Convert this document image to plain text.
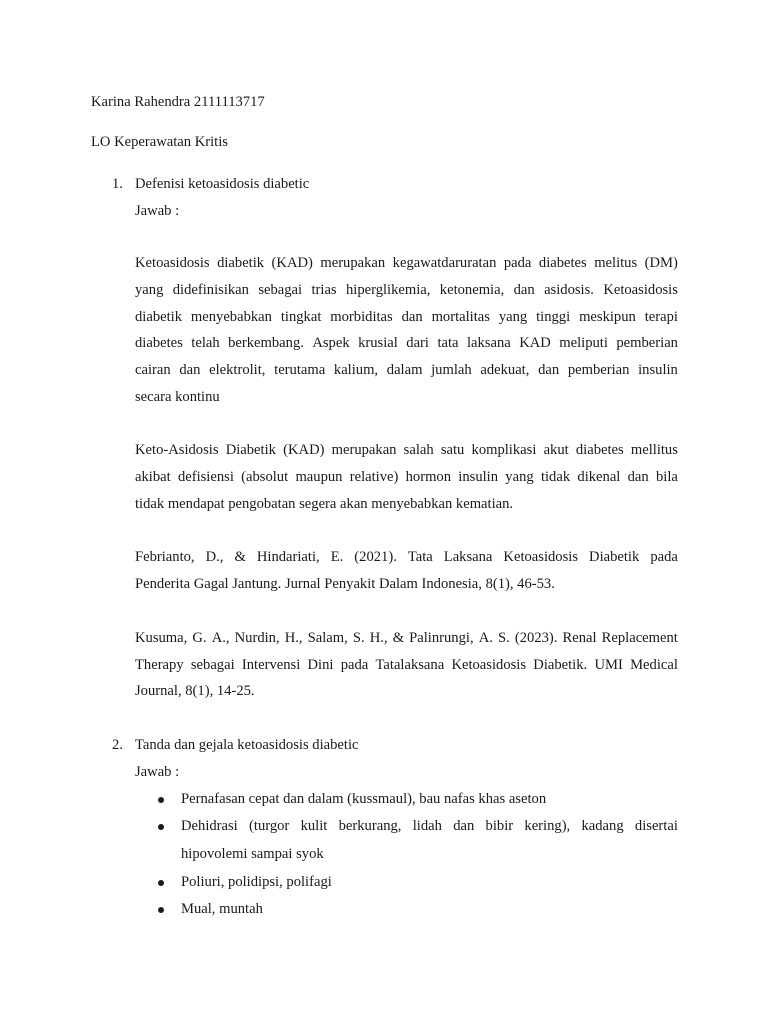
Karina Rahendra 2111113717
LO Keperawatan Kritis
1. Defenisi ketoasidosis diabetic
Jawab :
Ketoasidosis diabetik (KAD) merupakan kegawatdaruratan pada diabetes melitus (DM)
yang didefinisikan sebagai trias hiperglikemia, ketonemia, dan asidosis. Ketoasidosis
diabetik menyebabkan tingkat morbiditas dan mortalitas yang tinggi meskipun terapi
diabetes telah berkembang. Aspek krusial dari tata laksana KAD meliputi pemberian
cairan dan elektrolit, terutama kalium, dalam jumlah adekuat, dan pemberian insulin
secara kontinu
Keto-Asidosis Diabetik (KAD) merupakan salah satu komplikasi akut diabetes mellitus
akibat defisiensi (absolut maupun relative) hormon insulin yang tidak dikenal dan bila
tidak mendapat pengobatan segera akan menyebabkan kematian.
Febrianto, D., & Hindariati, E. (2021). Tata Laksana Ketoasidosis Diabetik pada
Penderita Gagal Jantung. Jurnal Penyakit Dalam Indonesia, 8(1), 46-53.
Kusuma, G. A., Nurdin, H., Salam, S. H., & Palinrungi, A. S. (2023). Renal Replacement
Therapy sebagai Intervensi Dini pada Tatalaksana Ketoasidosis Diabetik. UMI Medical
Journal, 8(1), 14-25.
2. Tanda dan gejala ketoasidosis diabetic
Jawab :
Pernafasan cepat dan dalam (kussmaul), bau nafas khas aseton
Dehidrasi (turgor kulit berkurang, lidah dan bibir kering), kadang disertai
hipovolemi sampai syok
Poliuri, polidipsi, polifagi
Mual, muntah
